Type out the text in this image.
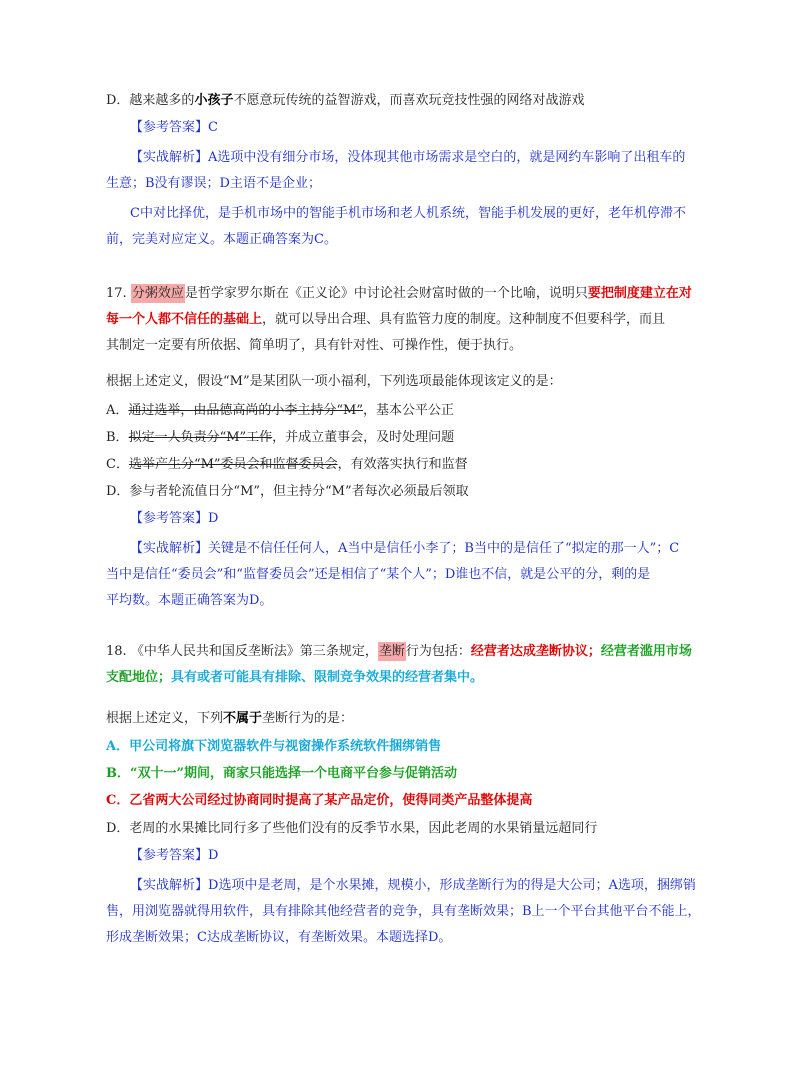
D．越来越多的小孩子不愿意玩传统的益智游戏，而喜欢玩竞技性强的网络对战游戏
【参考答案】C
【实战解析】A选项中没有细分市场，没体现其他市场需求是空白的，就是网约车影响了出租车的
生意；B没有谬误；D主语不是企业；
C中对比择优，是手机市场中的智能手机市场和老人机系统，智能手机发展的更好，老年机停滞不
前，完美对应定义。本题正确答案为C。
17. 分粥效应是哲学家罗尔斯在《正义论》中讨论社会财富时做的一个比喻，说明只要把制度建立在对
每一个人都不信任的基础上，就可以导出合理、具有监管力度的制度。这种制度不但要科学，而且
其制定一定要有所依据、简单明了，具有针对性、可操作性，便于执行。
根据上述定义，假设“M”是某团队一项小福利，下列选项最能体现该定义的是：
A．通过选举，由品德高尚的小李主持分“M”，基本公平公正
B．拟定一人负责分“M”工作，并成立董事会，及时处理问题
C．选举产生分“M”委员会和监督委员会，有效落实执行和监督
D．参与者轮流值日分“M”，但主持分“M”者每次必须最后领取
【参考答案】D
【实战解析】关键是不信任任何人，A当中是信任小李了；B当中的是信任了“拟定的那一人”；C
当中是信任“委员会”和“监督委员会”还是相信了“某个人”；D谁也不信，就是公平的分，剩的是
平均数。本题正确答案为D。
18. 《中华人民共和国反垄断法》第三条规定，垄断行为包括：经营者达成垄断协议；经营者滥用市场
支配地位；具有或者可能具有排除、限制竞争效果的经营者集中。
根据上述定义，下列不属于垄断行为的是：
A．甲公司将旗下浏览器软件与视窗操作系统软件捆绑销售
B．“双十一”期间，商家只能选择一个电商平台参与促销活动
C．乙省两大公司经过协商同时提高了某产品定价，使得同类产品整体提高
D．老周的水果摊比同行多了些他们没有的反季节水果，因此老周的水果销量远超同行
【参考答案】D
【实战解析】D选项中是老周，是个水果摊，规模小，形成垄断行为的得是大公司；A选项，捆绑销
售，用浏览器就得用软件，具有排除其他经营者的竞争，具有垄断效果；B上一个平台其他平台不能上，
形成垄断效果；C达成垄断协议，有垄断效果。本题选择D。
